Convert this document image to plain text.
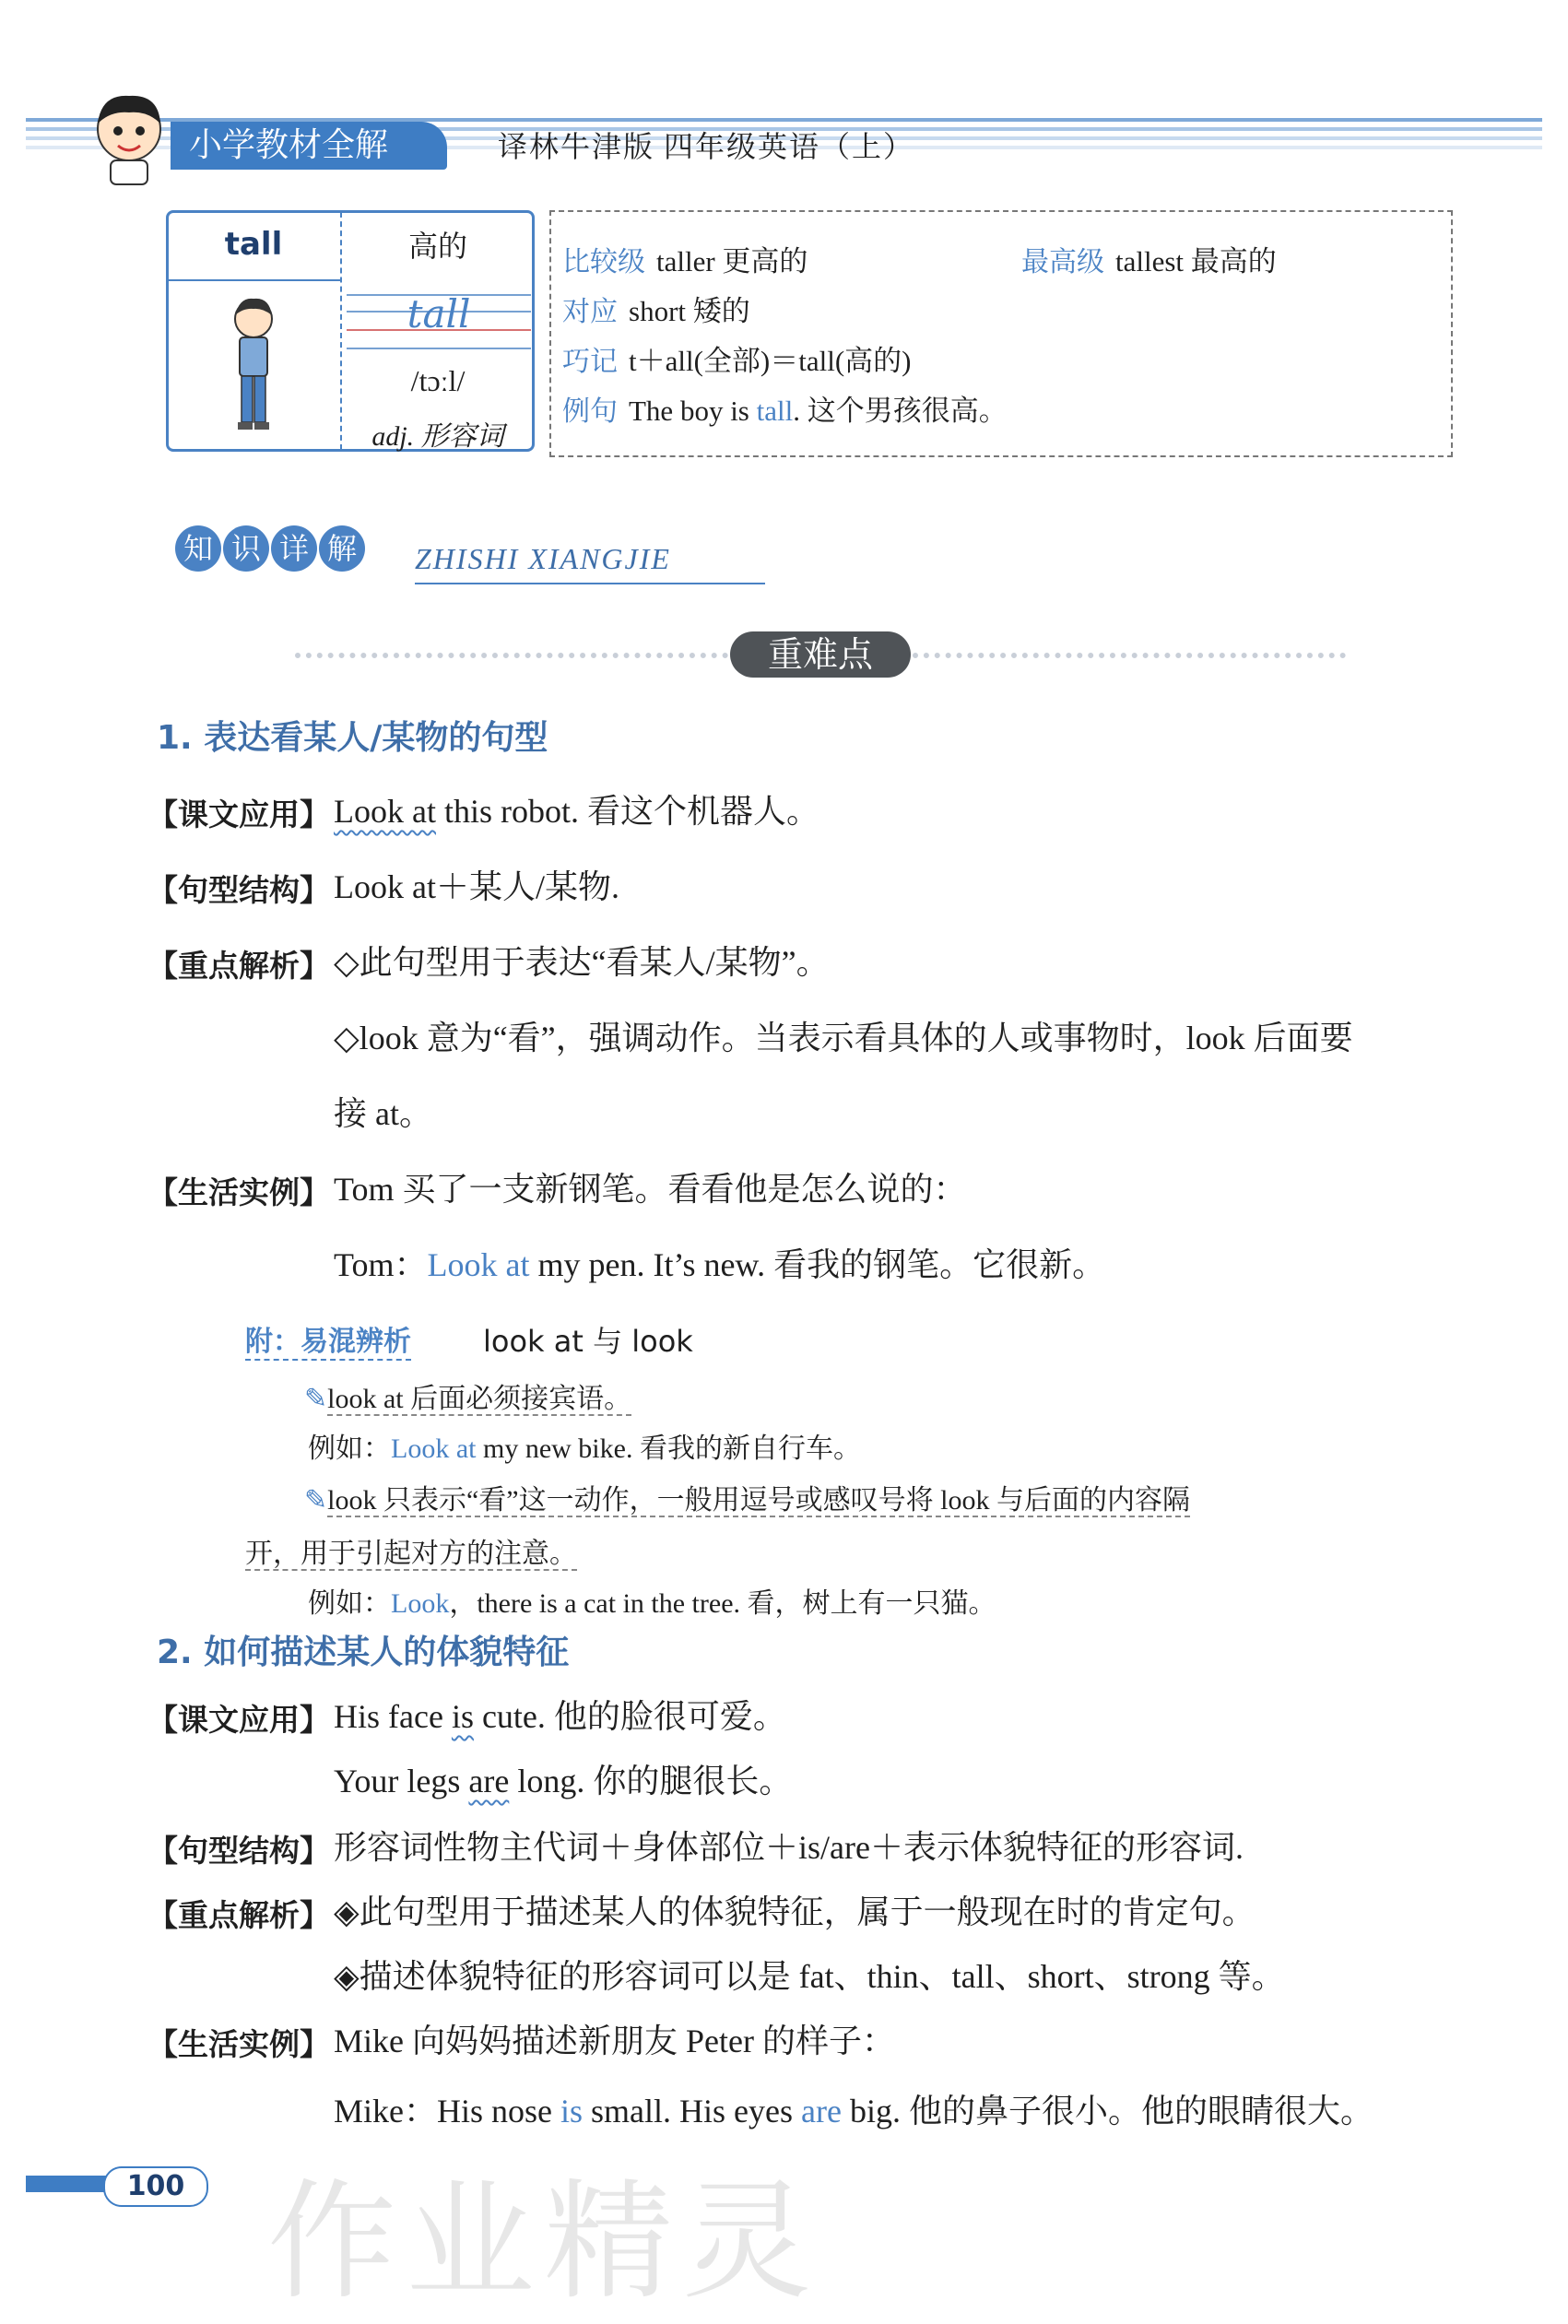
小学教材全解	译林牛津版 四年级英语（上）
tall	高的
tall
/tɔːl/
adj. 形容词
比较级 taller 更高的	最高级 tallest 最高的
对应 short 矮的
巧记 t＋all(全部)＝tall(高的)
例句 The boy is tall. 这个男孩很高。
知 识 详 解	ZHISHI XIANGJIE
重难点
1. 表达看某人/某物的句型
【课文应用】 Look at this robot. 看这个机器人。
【句型结构】 Look at＋某人/某物.
【重点解析】 ◇此句型用于表达“看某人/某物”。
◇look 意为“看”，强调动作。当表示看具体的人或事物时，look 后面要
接 at。
【生活实例】 Tom 买了一支新钢笔。看看他是怎么说的：
Tom：Look at my pen. It’s new. 看我的钢笔。它很新。
附：易混辨析 look at 与 look
✎look at 后面必须接宾语。
例如：Look at my new bike. 看我的新自行车。
✎look 只表示“看”这一动作，一般用逗号或感叹号将 look 与后面的内容隔
开，用于引起对方的注意。
例如：Look，there is a cat in the tree. 看，树上有一只猫。
2. 如何描述某人的体貌特征
【课文应用】 His face is cute. 他的脸很可爱。
Your legs are long. 你的腿很长。
【句型结构】 形容词性物主代词＋身体部位＋is/are＋表示体貌特征的形容词.
【重点解析】 ◈此句型用于描述某人的体貌特征，属于一般现在时的肯定句。
◈描述体貌特征的形容词可以是 fat、thin、tall、short、strong 等。
【生活实例】 Mike 向妈妈描述新朋友 Peter 的样子：
Mike：His nose is small. His eyes are big. 他的鼻子很小。他的眼睛很大。
100 作业精灵
